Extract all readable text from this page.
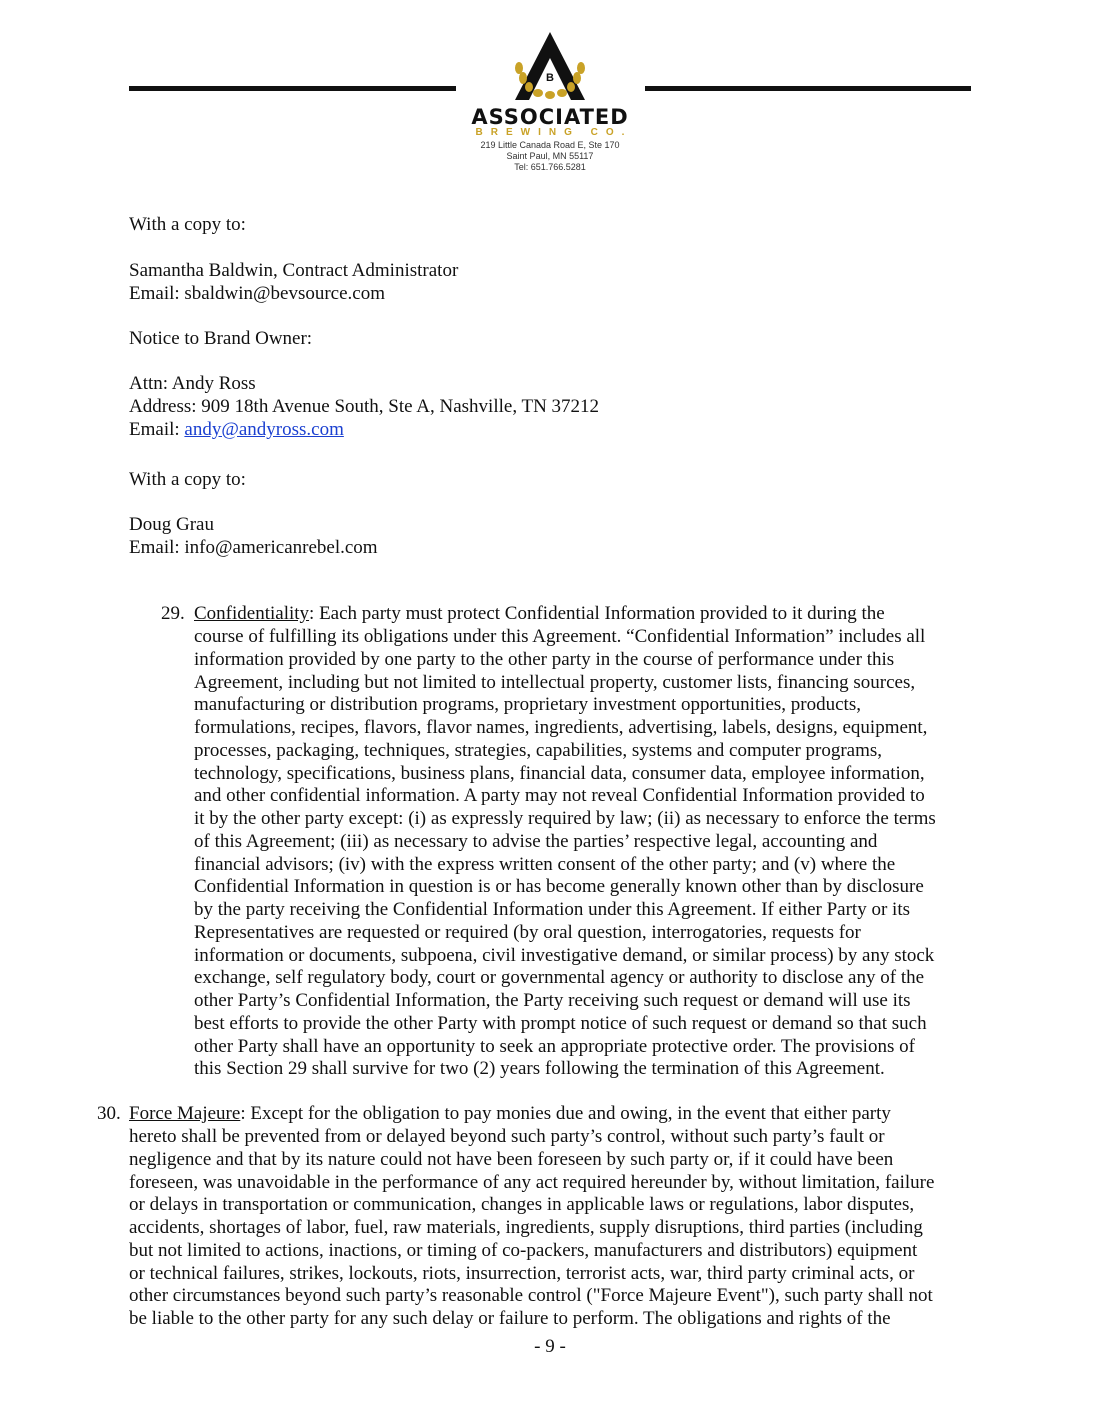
B
ASSOCIATED
BREWING CO.
219 Little Canada Road E, Ste 170
Saint Paul, MN 55117
Tel: 651.766.5281
With a copy to:
Samantha Baldwin, Contract Administrator
Email: sbaldwin@bevsource.com
Notice to Brand Owner:
Attn: Andy Ross
Address: 909 18th Avenue South, Ste A, Nashville, TN 37212
Email: andy@andyross.com
With a copy to:
Doug Grau
Email: info@americanrebel.com
29. Confidentiality: Each party must protect Confidential Information provided to it during the
course of fulfilling its obligations under this Agreement. “Confidential Information” includes all
information provided by one party to the other party in the course of performance under this
Agreement, including but not limited to intellectual property, customer lists, financing sources,
manufacturing or distribution programs, proprietary investment opportunities, products,
formulations, recipes, flavors, flavor names, ingredients, advertising, labels, designs, equipment,
processes, packaging, techniques, strategies, capabilities, systems and computer programs,
technology, specifications, business plans, financial data, consumer data, employee information,
and other confidential information. A party may not reveal Confidential Information provided to
it by the other party except: (i) as expressly required by law; (ii) as necessary to enforce the terms
of this Agreement; (iii) as necessary to advise the parties’ respective legal, accounting and
financial advisors; (iv) with the express written consent of the other party; and (v) where the
Confidential Information in question is or has become generally known other than by disclosure
by the party receiving the Confidential Information under this Agreement. If either Party or its
Representatives are requested or required (by oral question, interrogatories, requests for
information or documents, subpoena, civil investigative demand, or similar process) by any stock
exchange, self regulatory body, court or governmental agency or authority to disclose any of the
other Party’s Confidential Information, the Party receiving such request or demand will use its
best efforts to provide the other Party with prompt notice of such request or demand so that such
other Party shall have an opportunity to seek an appropriate protective order. The provisions of
this Section 29 shall survive for two (2) years following the termination of this Agreement.
30. Force Majeure: Except for the obligation to pay monies due and owing, in the event that either party
hereto shall be prevented from or delayed beyond such party’s control, without such party’s fault or
negligence and that by its nature could not have been foreseen by such party or, if it could have been
foreseen, was unavoidable in the performance of any act required hereunder by, without limitation, failure
or delays in transportation or communication, changes in applicable laws or regulations, labor disputes,
accidents, shortages of labor, fuel, raw materials, ingredients, supply disruptions, third parties (including
but not limited to actions, inactions, or timing of co-packers, manufacturers and distributors) equipment
or technical failures, strikes, lockouts, riots, insurrection, terrorist acts, war, third party criminal acts, or
other circumstances beyond such party’s reasonable control ("Force Majeure Event"), such party shall not
be liable to the other party for any such delay or failure to perform. The obligations and rights of the
- 9 -
